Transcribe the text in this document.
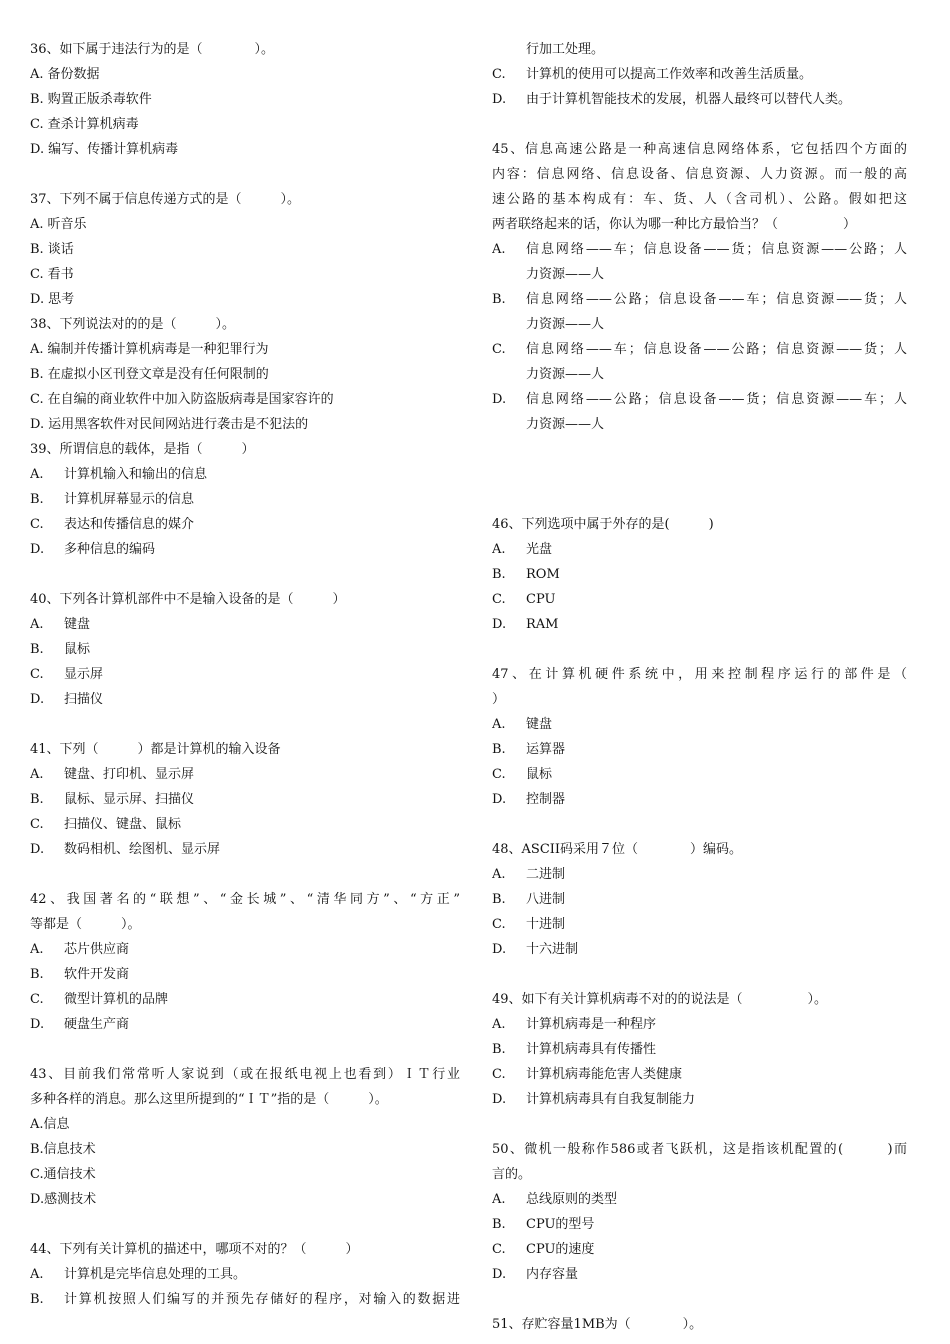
36、如下属于违法行为的是（　　　　）。
A. 备份数据
B. 购置正版杀毒软件
C. 查杀计算机病毒
D. 编写、传播计算机病毒
37、下列不属于信息传递方式的是（　　　）。
A. 听音乐
B. 谈话
C. 看书
D. 思考
38、下列说法对的的是（　　　）。
A. 编制并传播计算机病毒是一种犯罪行为
B. 在虚拟小区刊登文章是没有任何限制的
C. 在自编的商业软件中加入防盗版病毒是国家容许的
D. 运用黑客软件对民间网站进行袭击是不犯法的
39、所谓信息的载体，是指（　　　）
A.	计算机输入和输出的信息
B.	计算机屏幕显示的信息
C.	表达和传播信息的媒介
D.	多种信息的编码
40、下列各计算机部件中不是输入设备的是（　　　）
A.	键盘
B.	鼠标
C.	显示屏
D.	扫描仪
41、下列（　　　）都是计算机的输入设备
A.	键盘、打印机、显示屏
B.	鼠标、显示屏、扫描仪
C.	扫描仪、键盘、鼠标
D.	数码相机、绘图机、显示屏
42、我国著名的“联想”、“金长城”、“清华同方”、“方正”
等都是（　　　）。
A.	芯片供应商
B.	软件开发商
C.	微型计算机的品牌
D.	硬盘生产商
43、目前我们常常听人家说到（或在报纸电视上也看到）ＩＴ行业
多种各样的消息。那么这里所提到的“ＩＴ”指的是（　　　）。
A.信息
B.信息技术
C.通信技术
D.感测技术
44、下列有关计算机的描述中，哪项不对的？（　　　）
A.	计算机是完毕信息处理的工具。
B.	计算机按照人们编写的并预先存储好的程序，对输入的数据进
行加工处理。
C.	计算机的使用可以提高工作效率和改善生活质量。
D.	由于计算机智能技术的发展，机器人最终可以替代人类。
45、信息高速公路是一种高速信息网络体系，它包括四个方面的
内容：信息网络、信息设备、信息资源、人力资源。而一般的高
速公路的基本构成有：车、货、人（含司机）、公路。假如把这
两者联络起来的话，你认为哪一种比方最恰当？（　　　　　）
A.	信息网络——车；信息设备——货；信息资源——公路；人
力资源——人
B.	信息网络——公路；信息设备——车；信息资源——货；人
力资源——人
C.	信息网络——车；信息设备——公路；信息资源——货；人
力资源——人
D.	信息网络——公路；信息设备——货；信息资源——车；人
力资源——人
46、下列选项中属于外存的是(　　　)
A.	光盘
B.	ROM
C.	CPU
D.	RAM
47、在计算机硬件系统中，用来控制程序运行的部件是（
）
A.	键盘
B.	运算器
C.	鼠标
D.	控制器
48、ASCII码采用７位（　　　　）编码。
A.	二进制
B.	八进制
C.	十进制
D.	十六进制
49、如下有关计算机病毒不对的的说法是（　　　　　）。
A.	计算机病毒是一种程序
B.	计算机病毒具有传播性
C.	计算机病毒能危害人类健康
D.	计算机病毒具有自我复制能力
50、微机一般称作586或者飞跃机，这是指该机配置的(　　　)而
言的。
A.	总线原则的类型
B.	CPU的型号
C.	CPU的速度
D.	内存容量
51、存贮容量1MB为（　　　　）。
